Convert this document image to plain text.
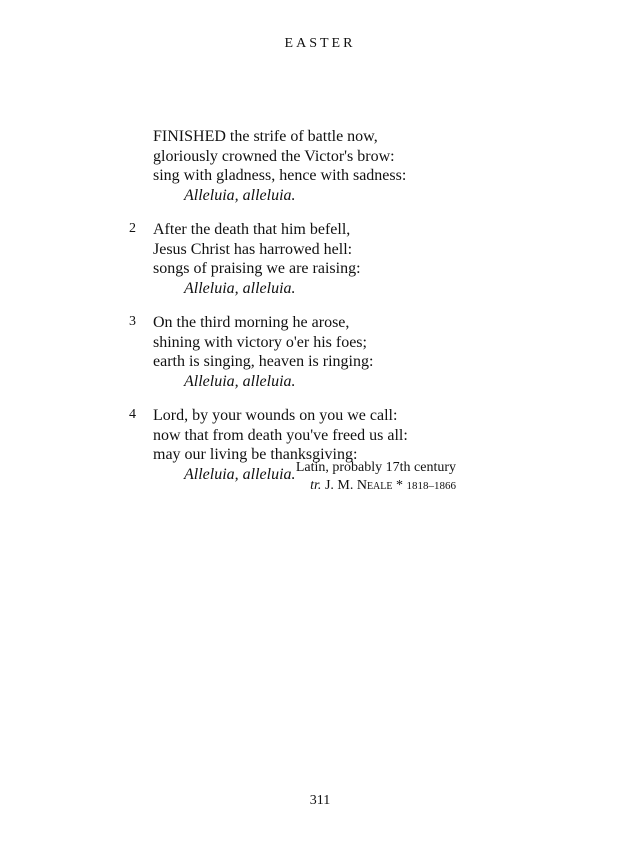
EASTER
FINISHED the strife of battle now,
gloriously crowned the Victor's brow:
sing with gladness, hence with sadness:
Alleluia, alleluia.
2	After the death that him befell,
Jesus Christ has harrowed hell:
songs of praising we are raising:
Alleluia, alleluia.
3	On the third morning he arose,
shining with victory o'er his foes;
earth is singing, heaven is ringing:
Alleluia, alleluia.
4	Lord, by your wounds on you we call:
now that from death you've freed us all:
may our living be thanksgiving:
Alleluia, alleluia. Latin, probably 17th century
tr. J. M. Neale * 1818–1866
311
